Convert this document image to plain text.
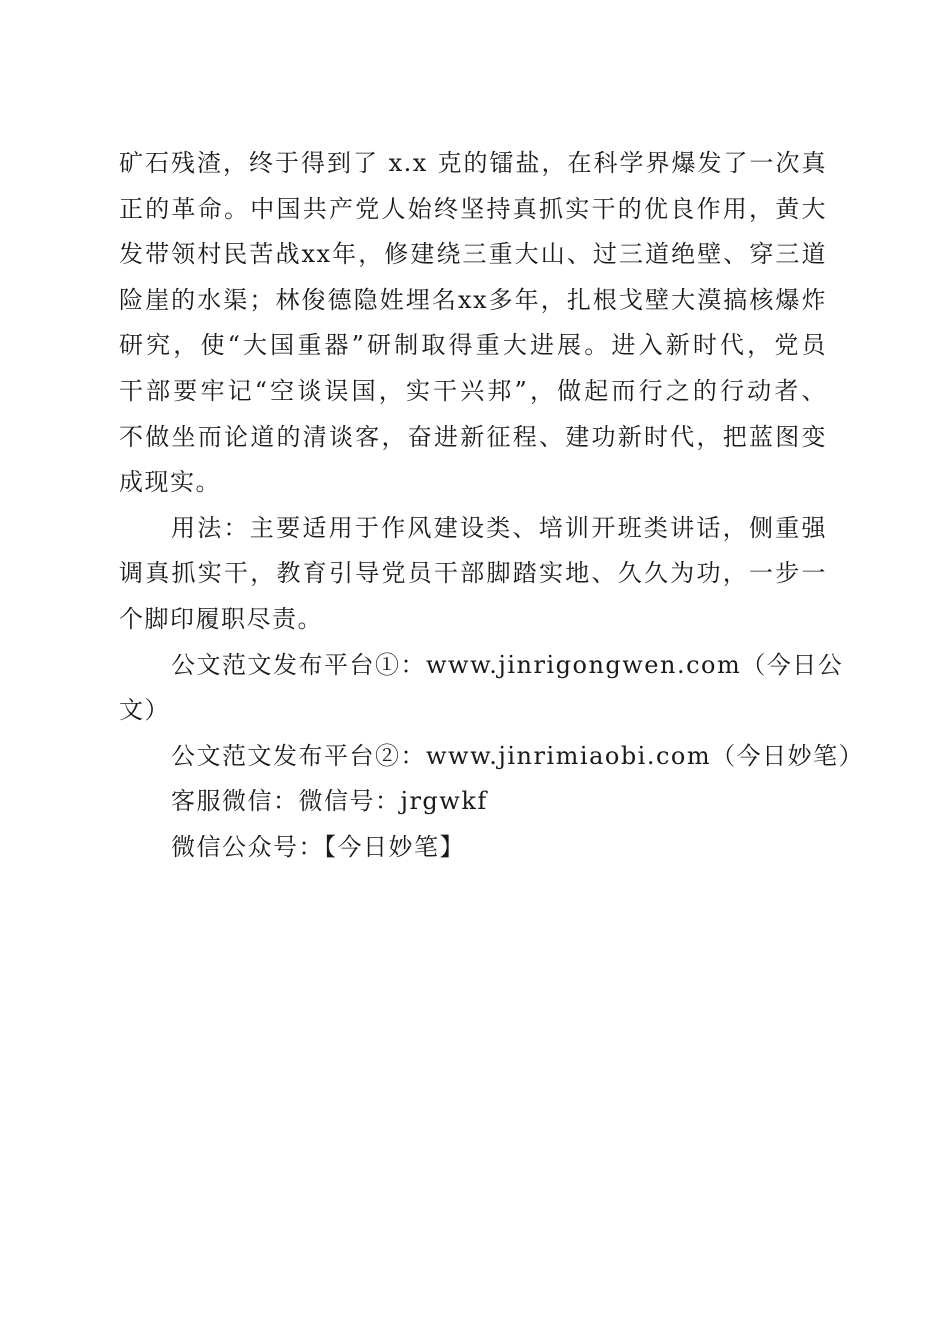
矿石残渣，终于得到了 x.x 克的镭盐，在科学界爆发了一次真
正的革命。中国共产党人始终坚持真抓实干的优良作用，黄大
发带领村民苦战xx年，修建绕三重大山、过三道绝壁、穿三道
险崖的水渠；林俊德隐姓埋名xx多年，扎根戈壁大漠搞核爆炸
研究，使“大国重器”研制取得重大进展。进入新时代，党员
干部要牢记“空谈误国，实干兴邦”，做起而行之的行动者、
不做坐而论道的清谈客，奋进新征程、建功新时代，把蓝图变
成现实。

用法：主要适用于作风建设类、培训开班类讲话，侧重强
调真抓实干，教育引导党员干部脚踏实地、久久为功，一步一
个脚印履职尽责。

公文范文发布平台①：www.jinrigongwen.com（今日公
文）
公文范文发布平台②：www.jinrimiaobi.com（今日妙笔）
客服微信：微信号：jrgwkf
微信公众号：【今日妙笔】
